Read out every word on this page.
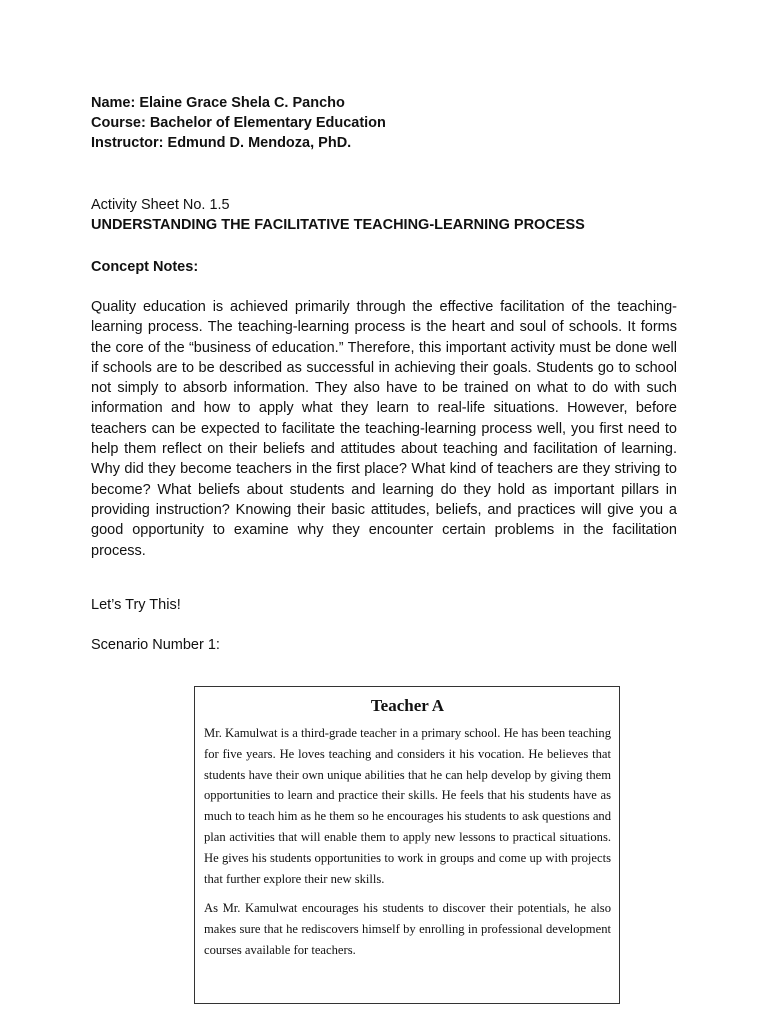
Name: Elaine Grace Shela C. Pancho
Course: Bachelor of Elementary Education
Instructor: Edmund D. Mendoza, PhD.
Activity Sheet No. 1.5
UNDERSTANDING THE FACILITATIVE TEACHING-LEARNING PROCESS
Concept Notes:
Quality education is achieved primarily through the effective facilitation of the teaching-learning process. The teaching-learning process is the heart and soul of schools. It forms the core of the “business of education.” Therefore, this important activity must be done well if schools are to be described as successful in achieving their goals. Students go to school not simply to absorb information. They also have to be trained on what to do with such information and how to apply what they learn to real-life situations. However, before teachers can be expected to facilitate the teaching-learning process well, you first need to help them reflect on their beliefs and attitudes about teaching and facilitation of learning. Why did they become teachers in the first place? What kind of teachers are they striving to become? What beliefs about students and learning do they hold as important pillars in providing instruction? Knowing their basic attitudes, beliefs, and practices will give you a good opportunity to examine why they encounter certain problems in the facilitation process.
Let’s Try This!
Scenario Number 1:
Teacher A

Mr. Kamulwat is a third-grade teacher in a primary school. He has been teaching for five years. He loves teaching and considers it his vocation. He believes that students have their own unique abilities that he can help develop by giving them opportunities to learn and practice their skills. He feels that his students have as much to teach him as he them so he encourages his students to ask questions and plan activities that will enable them to apply new lessons to practical situations. He gives his students opportunities to work in groups and come up with projects that further explore their new skills.

As Mr. Kamulwat encourages his students to discover their potentials, he also makes sure that he rediscovers himself by enrolling in professional development courses available for teachers.
